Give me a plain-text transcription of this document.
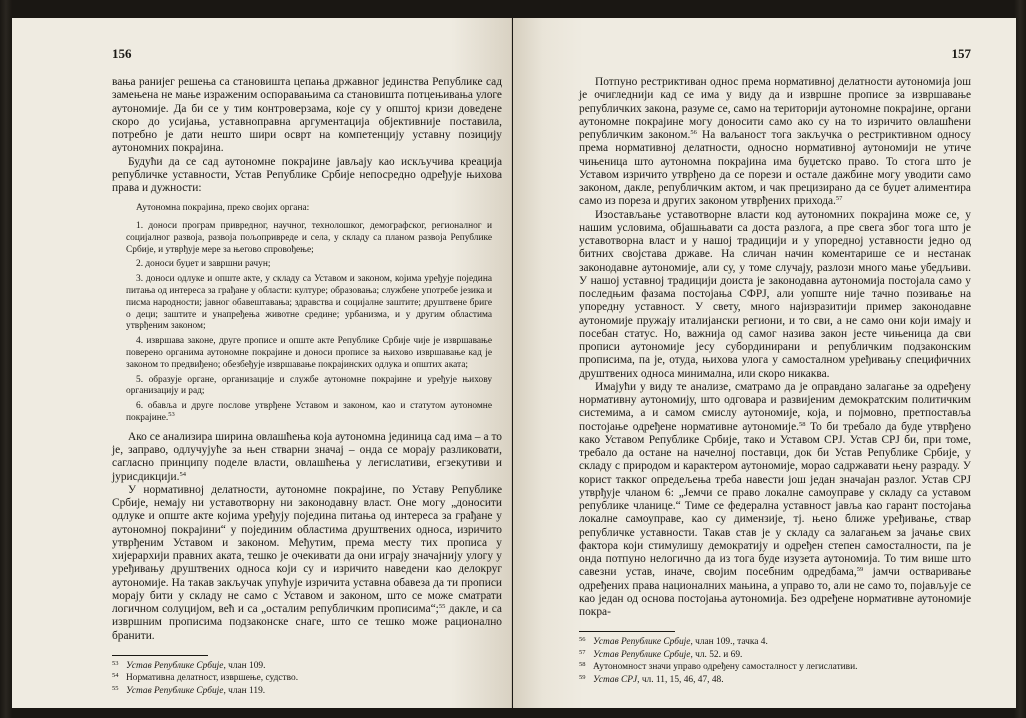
156

вања ранијег решења са становишта цепања државног јединства Републике сад замењена не мање израженим оспоравањима са становишта потцењивања улоге аутономије. Да би се у тим контроверзама, које су у општој кризи доведене скоро до усијања, уставноправна аргументација објективније поставила, потребно је дати нешто шири осврт на компетенцију уставну позицију аутономних покрајина.

Будући да се сад аутономне покрајине јављају као искључива креација републичке уставности, Устав Републике Србије непосредно одређује њихова права и дужности:

Аутономна покрајина, преко својих органа:

1. доноси програм привредног, научног, технолошког, демографског, регионалног и социјалног развоја, развоја пољопривреде и села, у складу са планом развоја Републике Србије, и утврђује мере за његово спровођење;

2. доноси буџет и завршни рачун;

3. доноси одлуке и опште акте, у складу са Уставом и законом, којима уређује поједина питања од интереса за грађане у области: културе; образовања; службене употребе језика и писма народности; јавног обавештавања; здравства и социјалне заштите; друштвене бриге о деци; заштите и унапређења животне средине; урбанизма, и у другим областима утврђеним законом;

4. извршава законе, друге прописе и опште акте Републике Србије чије је извршавање поверено органима аутономне покрајине и доноси прописе за њихово извршавање кад је законом то предвиђено; обезбеђује извршавање покрајинских одлука и општих аката;

5. образује органе, организације и службе аутономне покрајине и уређује њихову организацију и рад;

6. обавља и друге послове утврђене Уставом и законом, као и статутом аутономне покрајине.$^{53}$

Ако се анализира ширина овлашћења која аутономна јединица сад има – а то је, заправо, одлучујуће за њен стварни значај – онда се морају разликовати, сагласно принципу поделе власти, овлашћења у легислативи, егзекутиви и јурисдикцији.$^{54}$

У нормативној делатности, аутономне покрајине, по Уставу Републике Србије, немају ни уставотворну ни законодавну власт. Оне могу „доносити одлуке и опште акте којима уређују поједина питања од интереса за грађане у аутономној покрајини“ у појединим областима друштвених односа, изричито утврђеним Уставом и законом. Међутим, према месту тих прописа у хијерархији правних аката, тешко је очекивати да они играју значајнију улогу у уређивању друштвених односа који су и изричито наведени као делокруг аутономије. На такав закључак упућује изричита уставна обавеза да ти прописи морају бити у складу не само с Уставом и законом, што се може сматрати логичном солуцијом, већ и са „осталим републичким прописима“;$^{55}$ дакле, и са извршним прописима подзаконске снаге, што се тешко може рационално бранити.

53 Устав Републике Србије, члан 109.
54 Нормативна делатност, извршење, судство.
55 Устав Републике Србије, члан 119.
157

Потпуно рестриктиван однос према нормативној делатности аутономија још је очигледнији кад се има у виду да и извршне прописе за извршавање републичких закона, разуме се, само на територији аутономне покрајине, органи аутономне покрајине могу доносити само ако су на то изричито овлашћени републичким законом.$^{56}$ На ваљаност тога закључка о рестриктивном односу према нормативној делатности, односно нормативној аутономији не утиче чињеница што аутономна покрајина има буџетско право. То стога што је Уставом изричито утврђено да се порези и остале дажбине могу уводити само законом, дакле, републичким актом, и чак прецизирано да се буџет алиментира само из пореза и других законом утврђених прихода.$^{57}$

Изостављање уставотворне власти код аутономних покрајина може се, у нашим условима, објашњавати са доста разлога, а пре свега због тога што је уставотворна власт и у нашој традицији и у упоредној уставности једно од битних својстава државе. На сличан начин коментарише се и нестанак законодавне аутономије, али су, у томе случају, разлози много мање убедљиви. У нашој уставној традицији доиста је законодавна аутономија постојала само у последњим фазама постојања СФРЈ, али уопште није тачно позивање на упоредну уставност. У свету, много најизразитији пример законодавне аутономије пружају италијански региони, и то сви, а не само они који имају и посебан статус. Но, важнија од самог назива закон јесте чињеница да сви прописи аутономије јесу субординирани и републичким подзаконским прописима, па је, отуда, њихова улога у самосталном уређивању специфичних друштвених односа минимална, или скоро никаква.

Имајући у виду те анализе, сматрамо да је оправдано залагање за одређену нормативну аутономију, што одговара и развијеним демократским политичким системима, а и самом смислу аутономије, која, и појмовно, претпоставља постојање одређене нормативне аутономије.$^{58}$ То би требало да буде утврђено како Уставом Републике Србије, тако и Уставом СРЈ. Устав СРЈ би, при томе, требало да остане на начелној поставци, док би Устав Републике Србије, у складу с природом и карактером аутономије, морао садржавати њену разраду. У корист такког опредељења треба навести још један значајан разлог. Устав СРЈ утврђује чланом 6: „Јемчи се право локалне самоуправе у складу са уставом републике чланице.“ Тиме се федерална уставност јавља као гарант постојања локалне самоуправе, као су димензије, тј. њено ближе уређивање, ствар републичке уставности. Такав став је у складу са залагањем за јачање свих фактора који стимулишу демократију и одређен степен самосталности, па је онда потпуно нелогично да из тога буде изузета аутономија. То тим више што савезни устав, иначе, својим посебним одредбама,$^{59}$ јамчи остваривање одређених права националних мањина, а управо то, али не само то, појављује се као један од основа постојања аутономија. Без одређене нормативне аутономије покра-

56 Устав Републике Србије, члан 109., тачка 4.
57 Устав Републике Србије, чл. 52. и 69.
58 Аутономност значи управо одређену самосталност у легислативи.
59 Устав СРЈ, чл. 11, 15, 46, 47, 48.
